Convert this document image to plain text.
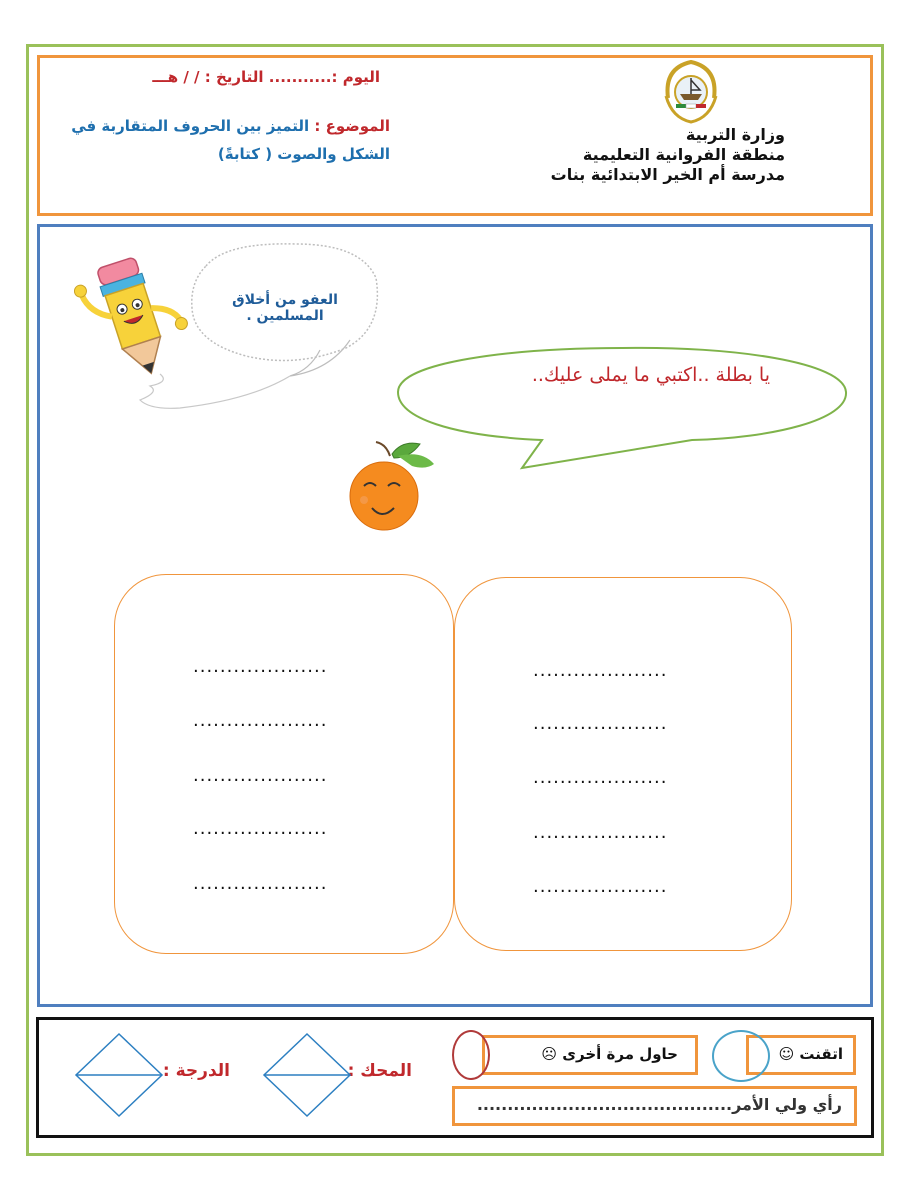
اليوم :........... التاريخ : / / هـــ
الموضوع : التميز بين الحروف المتقاربة في الشكل والصوت ( كتابةً)
وزارة التربية
منطقة الفروانية التعليمية
مدرسة أم الخير الابتدائية بنات
العفو من أخلاق المسلمين .
يا بطلة ..اكتبي ما يملى عليك..
....................
....................
....................
....................
....................
....................
....................
....................
....................
....................
اتقنت ☺
حاول مرة أخرى ☹
رأي ولي الأمر..........................................
المحك :
الدرجة :
